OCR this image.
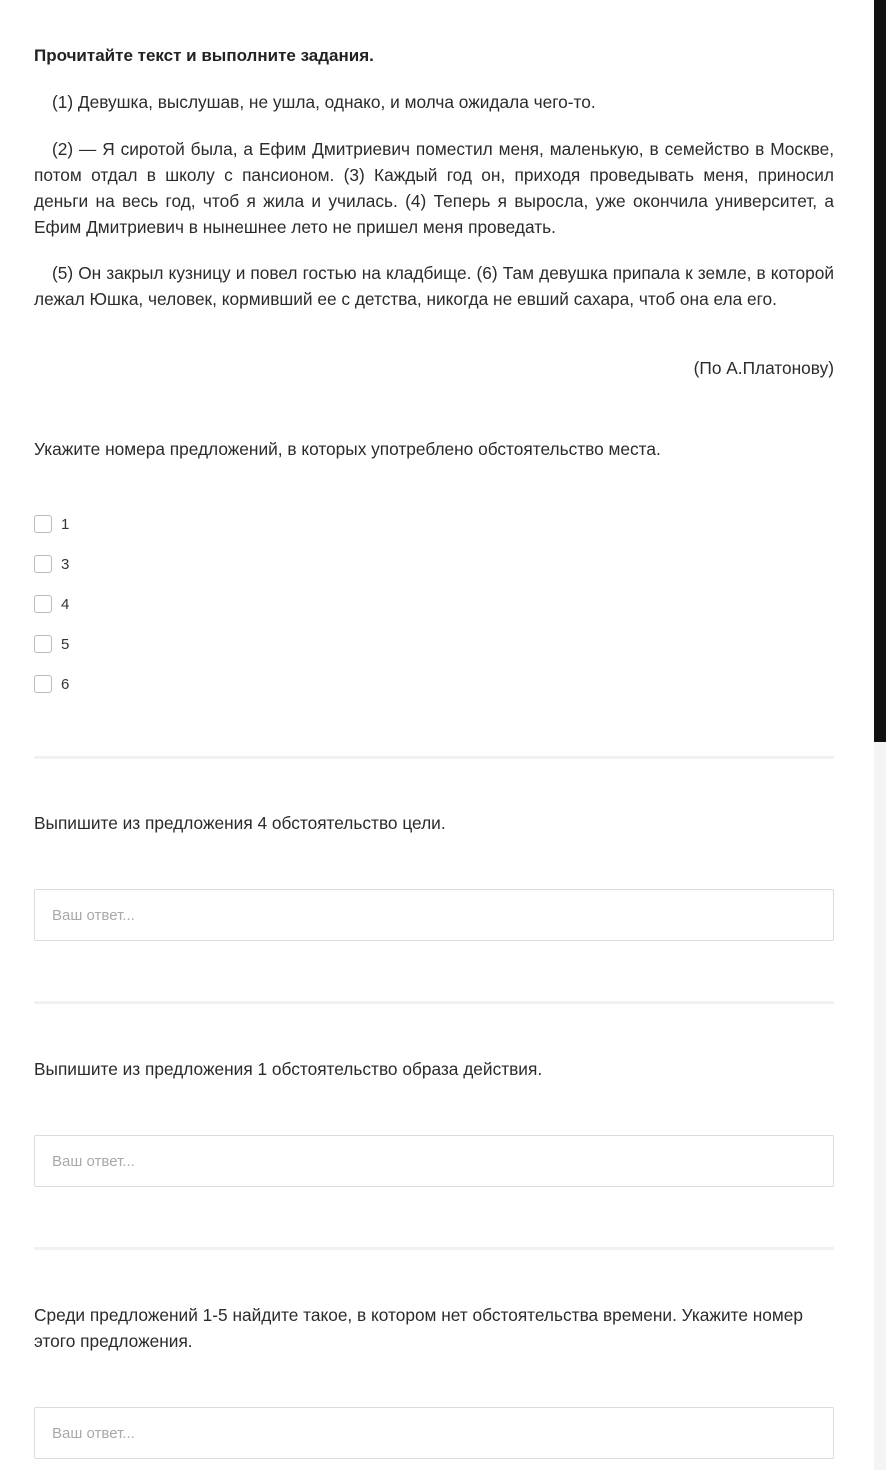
Прочитайте текст и выполните задания.
(1) Девушка, выслушав, не ушла, однако, и молча ожидала чего-то.
(2) — Я сиротой была, а Ефим Дмитриевич поместил меня, маленькую, в семейство в Москве, потом отдал в школу с пансионом. (3) Каждый год он, приходя проведывать меня, приносил деньги на весь год, чтоб я жила и училась. (4) Теперь я выросла, уже окончила университет, а Ефим Дмитриевич в нынешнее лето не пришел меня проведать.
(5) Он закрыл кузницу и повел гостью на кладбище. (6) Там девушка припала к земле, в которой лежал Юшка, человек, кормивший ее с детства, никогда не евший сахара, чтоб она ела его.
(По А.Платонову)
Укажите номера предложений, в которых употреблено обстоятельство места.
1
3
4
5
6
Выпишите из предложения 4 обстоятельство цели.
Ваш ответ...
Выпишите из предложения 1 обстоятельство образа действия.
Ваш ответ...
Среди предложений 1-5 найдите такое, в котором нет обстоятельства времени. Укажите номер этого предложения.
Ваш ответ...
